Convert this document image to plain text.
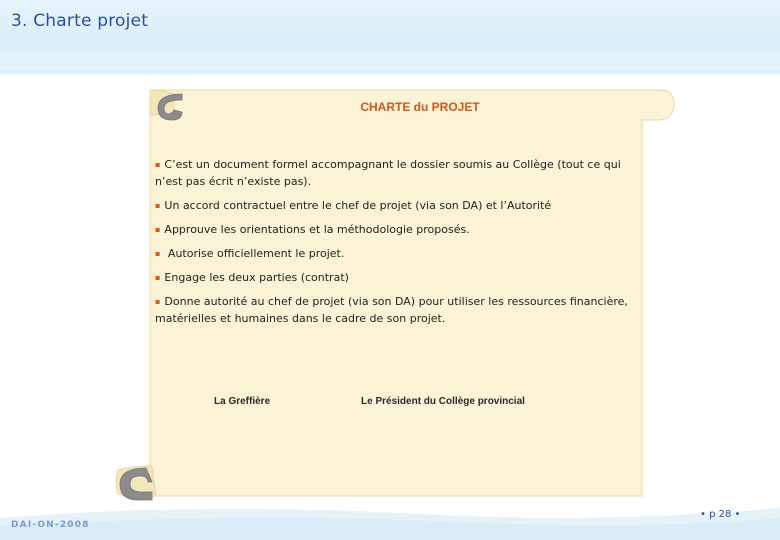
3. Charte projet
CHARTE du PROJET

▪ C’est un document formel accompagnant le dossier soumis au Collège (tout ce qui n’est pas écrit n’existe pas).

▪ Un accord contractuel entre le chef de projet (via son DA) et l’Autorité

▪ Approuve les orientations et la méthodologie proposés.

▪ Autorise officiellement le projet.

▪ Engage les deux parties (contrat)

▪ Donne autorité au chef de projet (via son DA) pour utiliser les ressources financière, matérielles et humaines dans le cadre de son projet.

La Greffière	Le Président du Collège provincial
DAI-ON-2008
• p 28 •
